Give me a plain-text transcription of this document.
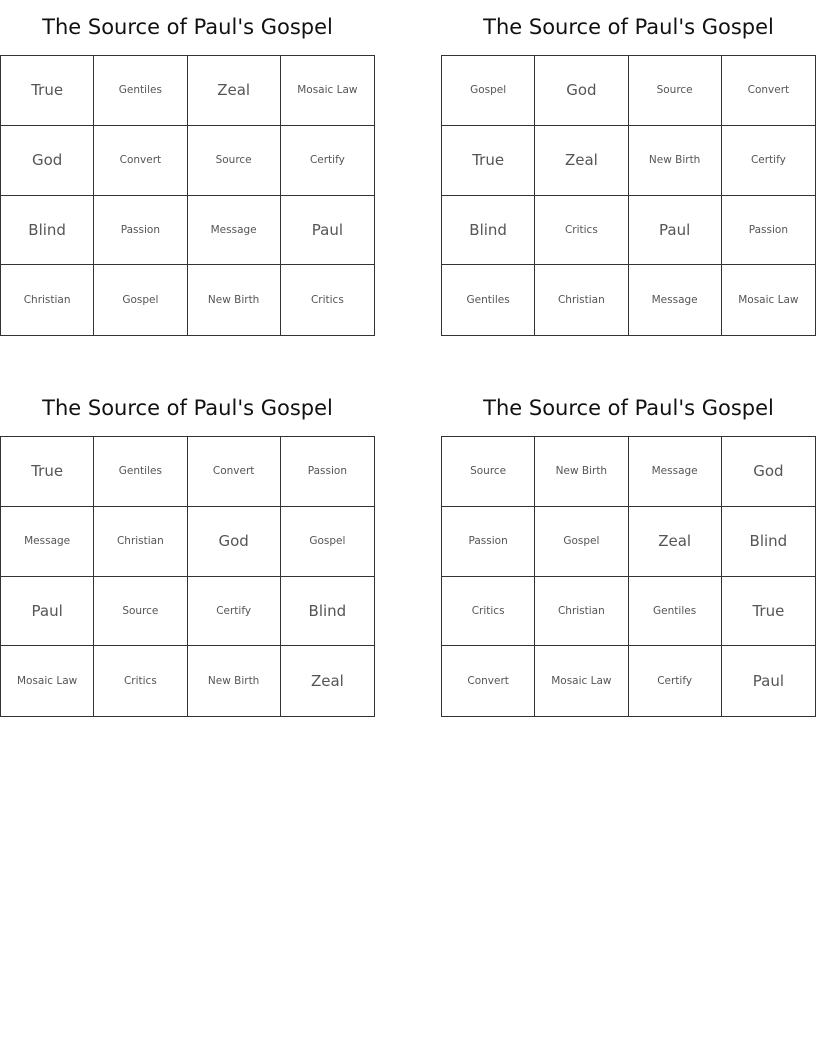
The Source of Paul's Gospel
True	Gentiles	Zeal	Mosaic Law
God	Convert	Source	Certify
Blind	Passion	Message	Paul
Christian	Gospel	New Birth	Critics
The Source of Paul's Gospel
Gospel	God	Source	Convert
True	Zeal	New Birth	Certify
Blind	Critics	Paul	Passion
Gentiles	Christian	Message	Mosaic Law
The Source of Paul's Gospel
True	Gentiles	Convert	Passion
Message	Christian	God	Gospel
Paul	Source	Certify	Blind
Mosaic Law	Critics	New Birth	Zeal
The Source of Paul's Gospel
Source	New Birth	Message	God
Passion	Gospel	Zeal	Blind
Critics	Christian	Gentiles	True
Convert	Mosaic Law	Certify	Paul
